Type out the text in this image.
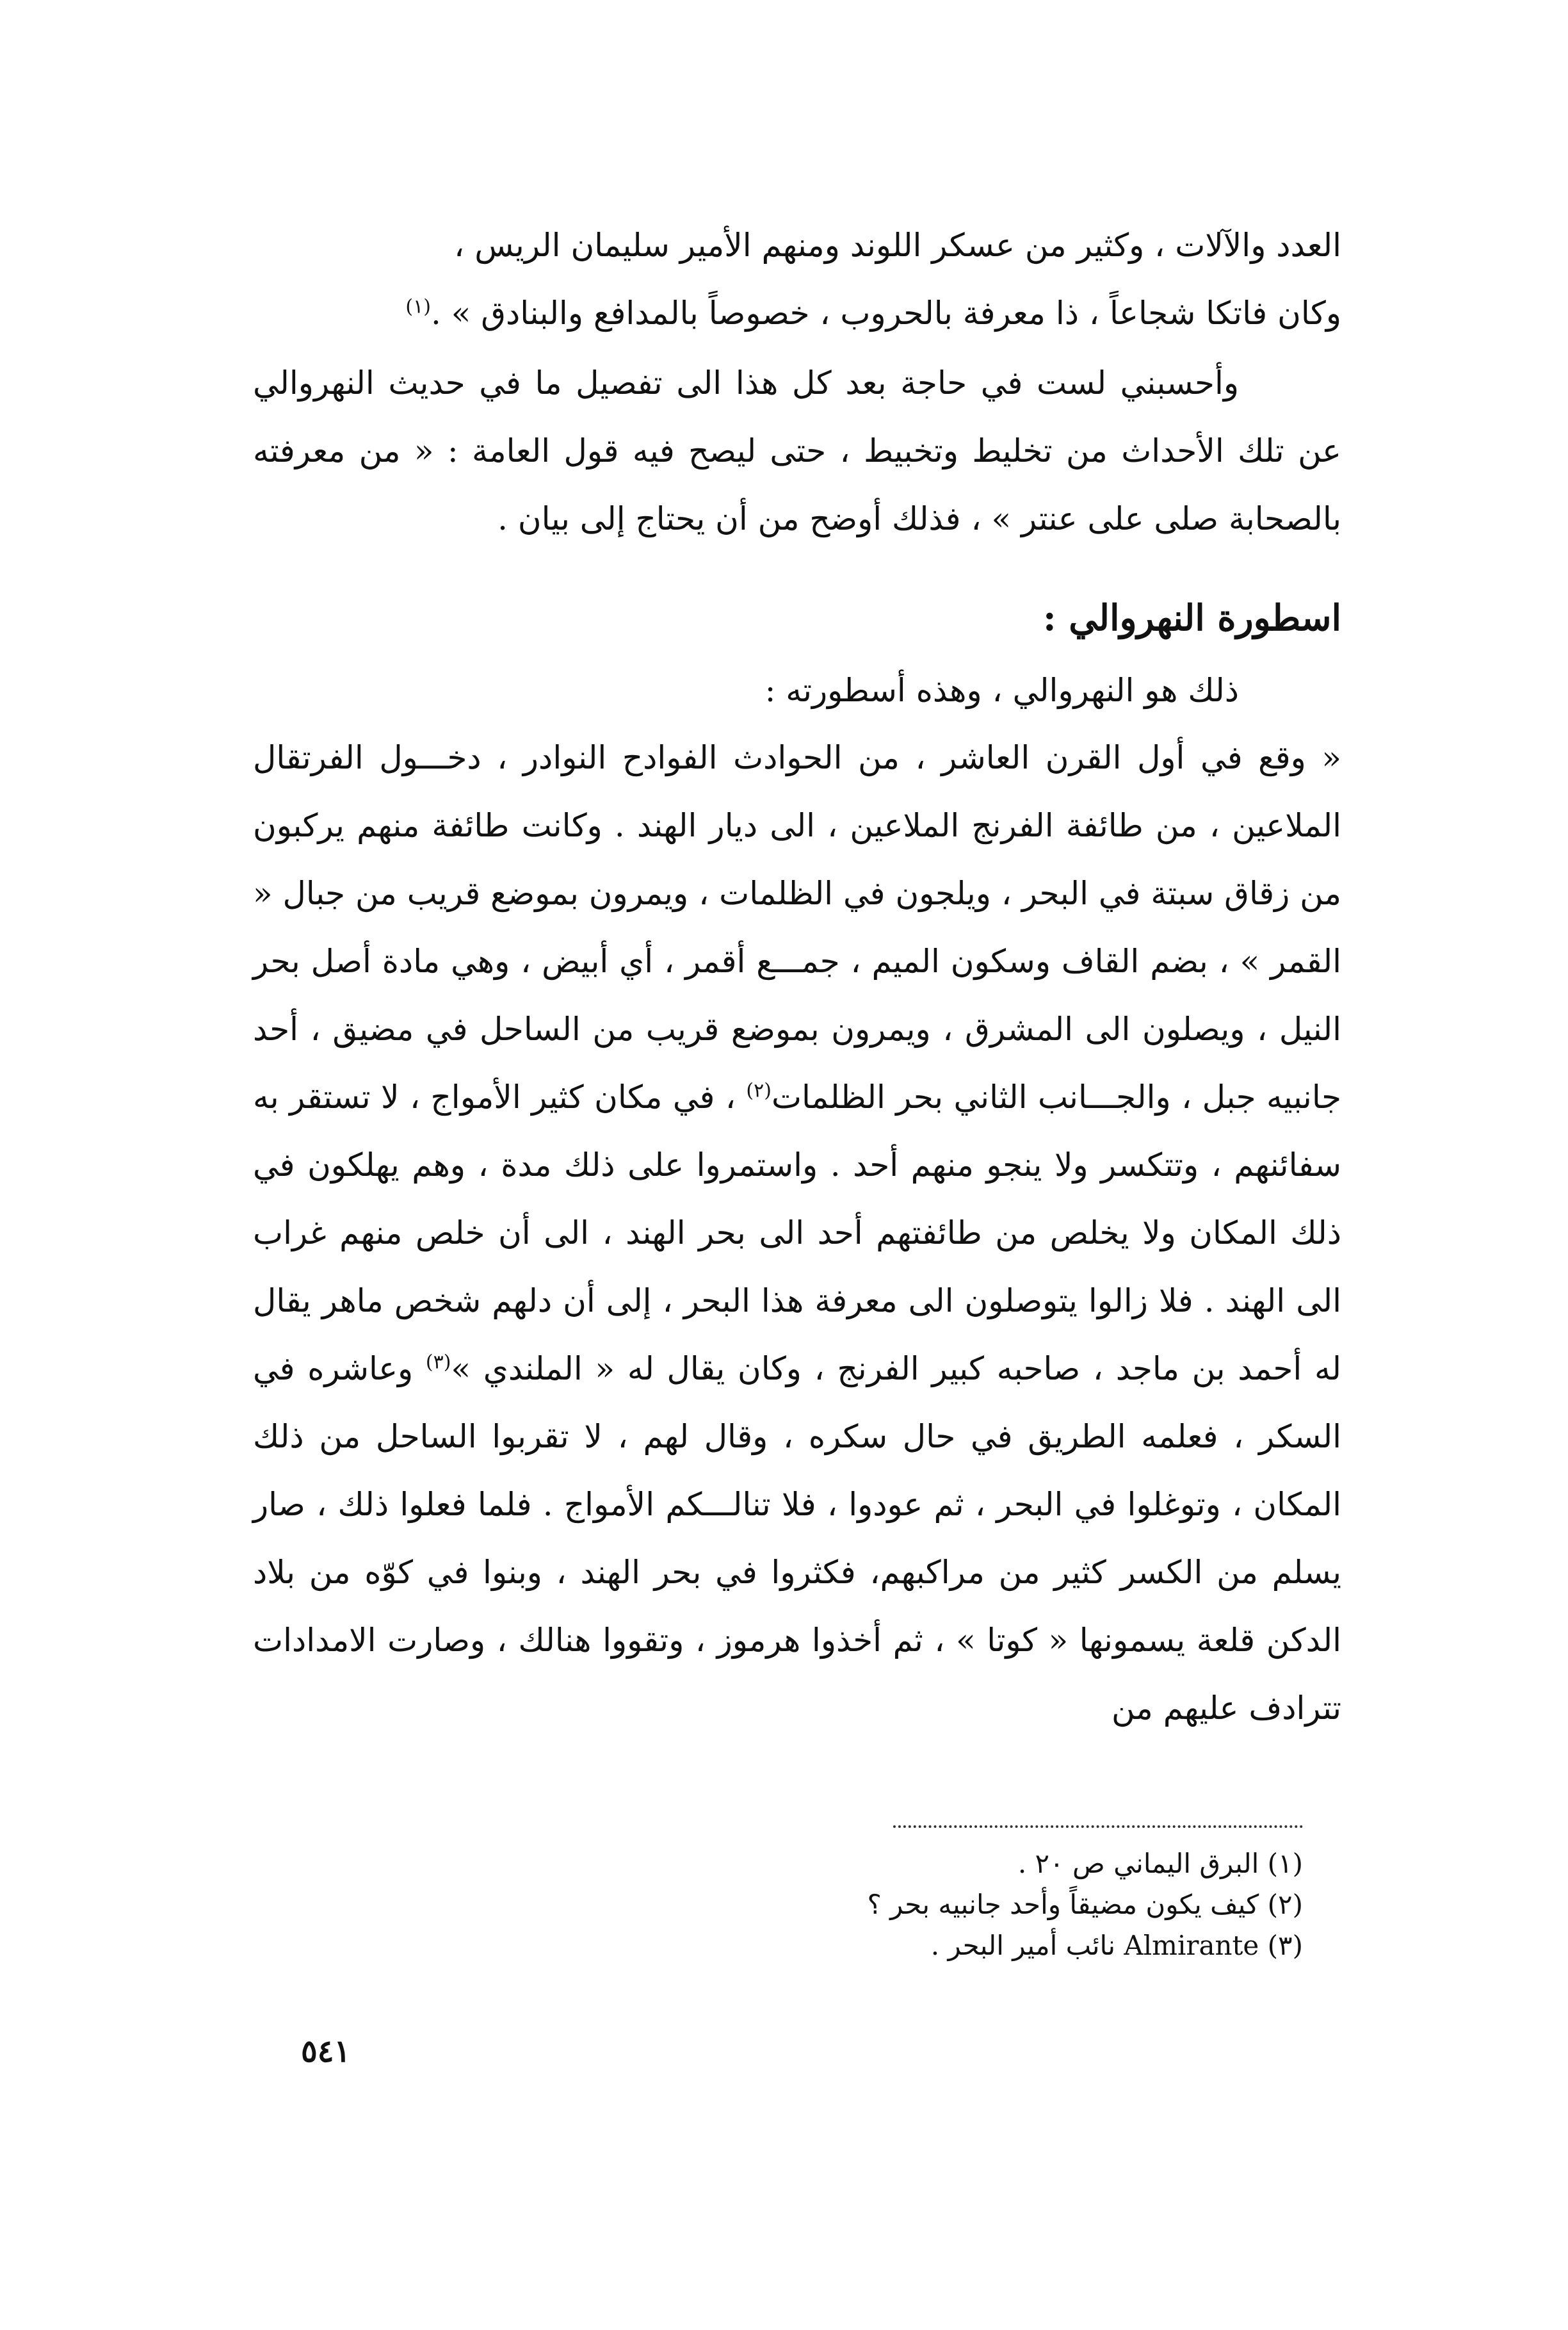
العدد والآلات ، وكثير من عسكر اللوند ومنهم الأمير سليمان الريس ،

وكان فاتكا شجاعاً ، ذا معرفة بالحروب ، خصوصاً بالمدافع والبنادق » .$^{(١)}$

وأحسبني لست في حاجة بعد كل هذا الى تفصيل ما في حديث النهروالي عن تلك الأحداث من تخليط وتخبيط ، حتى ليصح فيه قول العامة : « من معرفته بالصحابة صلى على عنتر » ، فذلك أوضح من أن يحتاج إلى بيان .

اسطورة النهروالي :

ذلك هو النهروالي ، وهذه أسطورته :

« وقع في أول القرن العاشر ، من الحوادث الفوادح النوادر ، دخـــول الفرتقال الملاعين ، من طائفة الفرنج الملاعين ، الى ديار الهند . وكانت طائفة منهم يركبون من زقاق سبتة في البحر ، ويلجون في الظلمات ، ويمرون بموضع قريب من جبال « القمر » ، بضم القاف وسكون الميم ، جمـــع أقمر ، أي أبيض ، وهي مادة أصل بحر النيل ، ويصلون الى المشرق ، ويمرون بموضع قريب من الساحل في مضيق ، أحد جانبيه جبل ، والجـــانب الثاني بحر الظلمات$^{(٢)}$ ، في مكان كثير الأمواج ، لا تستقر به سفائنهم ، وتتكسر ولا ينجو منهم أحد . واستمروا على ذلك مدة ، وهم يهلكون في ذلك المكان ولا يخلص من طائفتهم أحد الى بحر الهند ، الى أن خلص منهم غراب الى الهند . فلا زالوا يتوصلون الى معرفة هذا البحر ، إلى أن دلهم شخص ماهر يقال له أحمد بن ماجد ، صاحبه كبير الفرنج ، وكان يقال له « الملندي »$^{(٣)}$ وعاشره في السكر ، فعلمه الطريق في حال سكره ، وقال لهم ، لا تقربوا الساحل من ذلك المكان ، وتوغلوا في البحر ، ثم عودوا ، فلا تنالـــكم الأمواج . فلما فعلوا ذلك ، صار يسلم من الكسر كثير من مراكبهم، فكثروا في بحر الهند ، وبنوا في كوّه من بلاد الدكن قلعة يسمونها « كوتا » ، ثم أخذوا هرموز ، وتقووا هنالك ، وصارت الامدادات تترادف عليهم من

(١) البرق اليماني ص ٢٠ .

(٢) كيف يكون مضيقاً وأحد جانبيه بحر ؟

(٣) Almirante نائب أمير البحر .

٥٤١
